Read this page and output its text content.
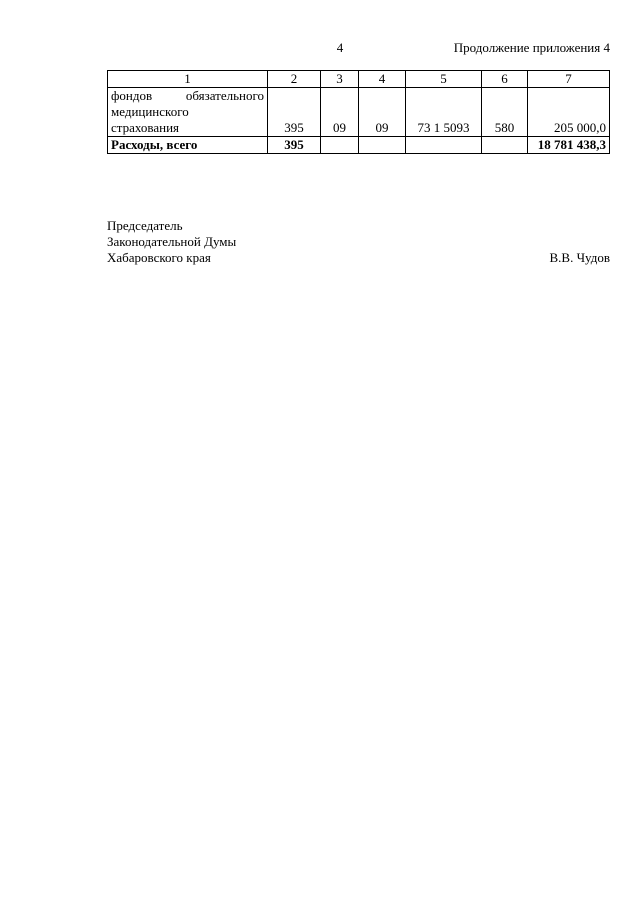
4	Продолжение приложения 4
1	2	3	4	5	6	7

фондов обязательного
медицинского
страхования	395	09	09	73 1 5093	580	205 000,0
Расходы, всего	395					18 781 438,3
Председатель
Законодательной Думы
Хабаровского края	В.В. Чудов
